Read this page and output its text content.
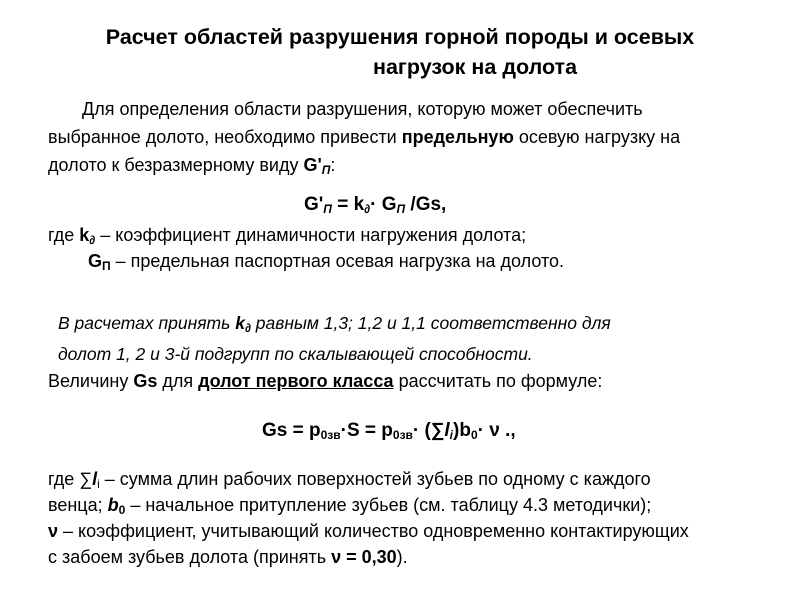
Расчет областей разрушения горной породы и осевых
нагрузок на долота
Для определения области разрушения, которую может обеспечить
выбранное долото, необходимо привести предельную осевую нагрузку на
долото к безразмерному виду $G'_П$:
$G'_П = k_\partial\cdot G_П$ /Gs,
где $k_\partial$ – коэффициент динамичности нагружения долота;
$G_П$ – предельная паспортная осевая нагрузка на долото.
В расчетах принять $k_\partial$ равным 1,3; 1,2 и 1,1 соответственно для
долот 1, 2 и 3-й подгрупп по скалывающей способности.
Величину Gs для долот первого класса рассчитать по формуле:
$Gs = p_{0зв}\cdot S = p_{0зв}\cdot (\sum l_i)b_0\cdot \nu$ .,
где $\sum l_i$ – сумма длин рабочих поверхностей зубьев по одному с каждого
венца; $b_0$ – начальное притупление зубьев (см. таблицу 4.3 методички);
ν – коэффициент, учитывающий количество одновременно контактирующих
с забоем зубьев долота (принять ν = 0,30).
